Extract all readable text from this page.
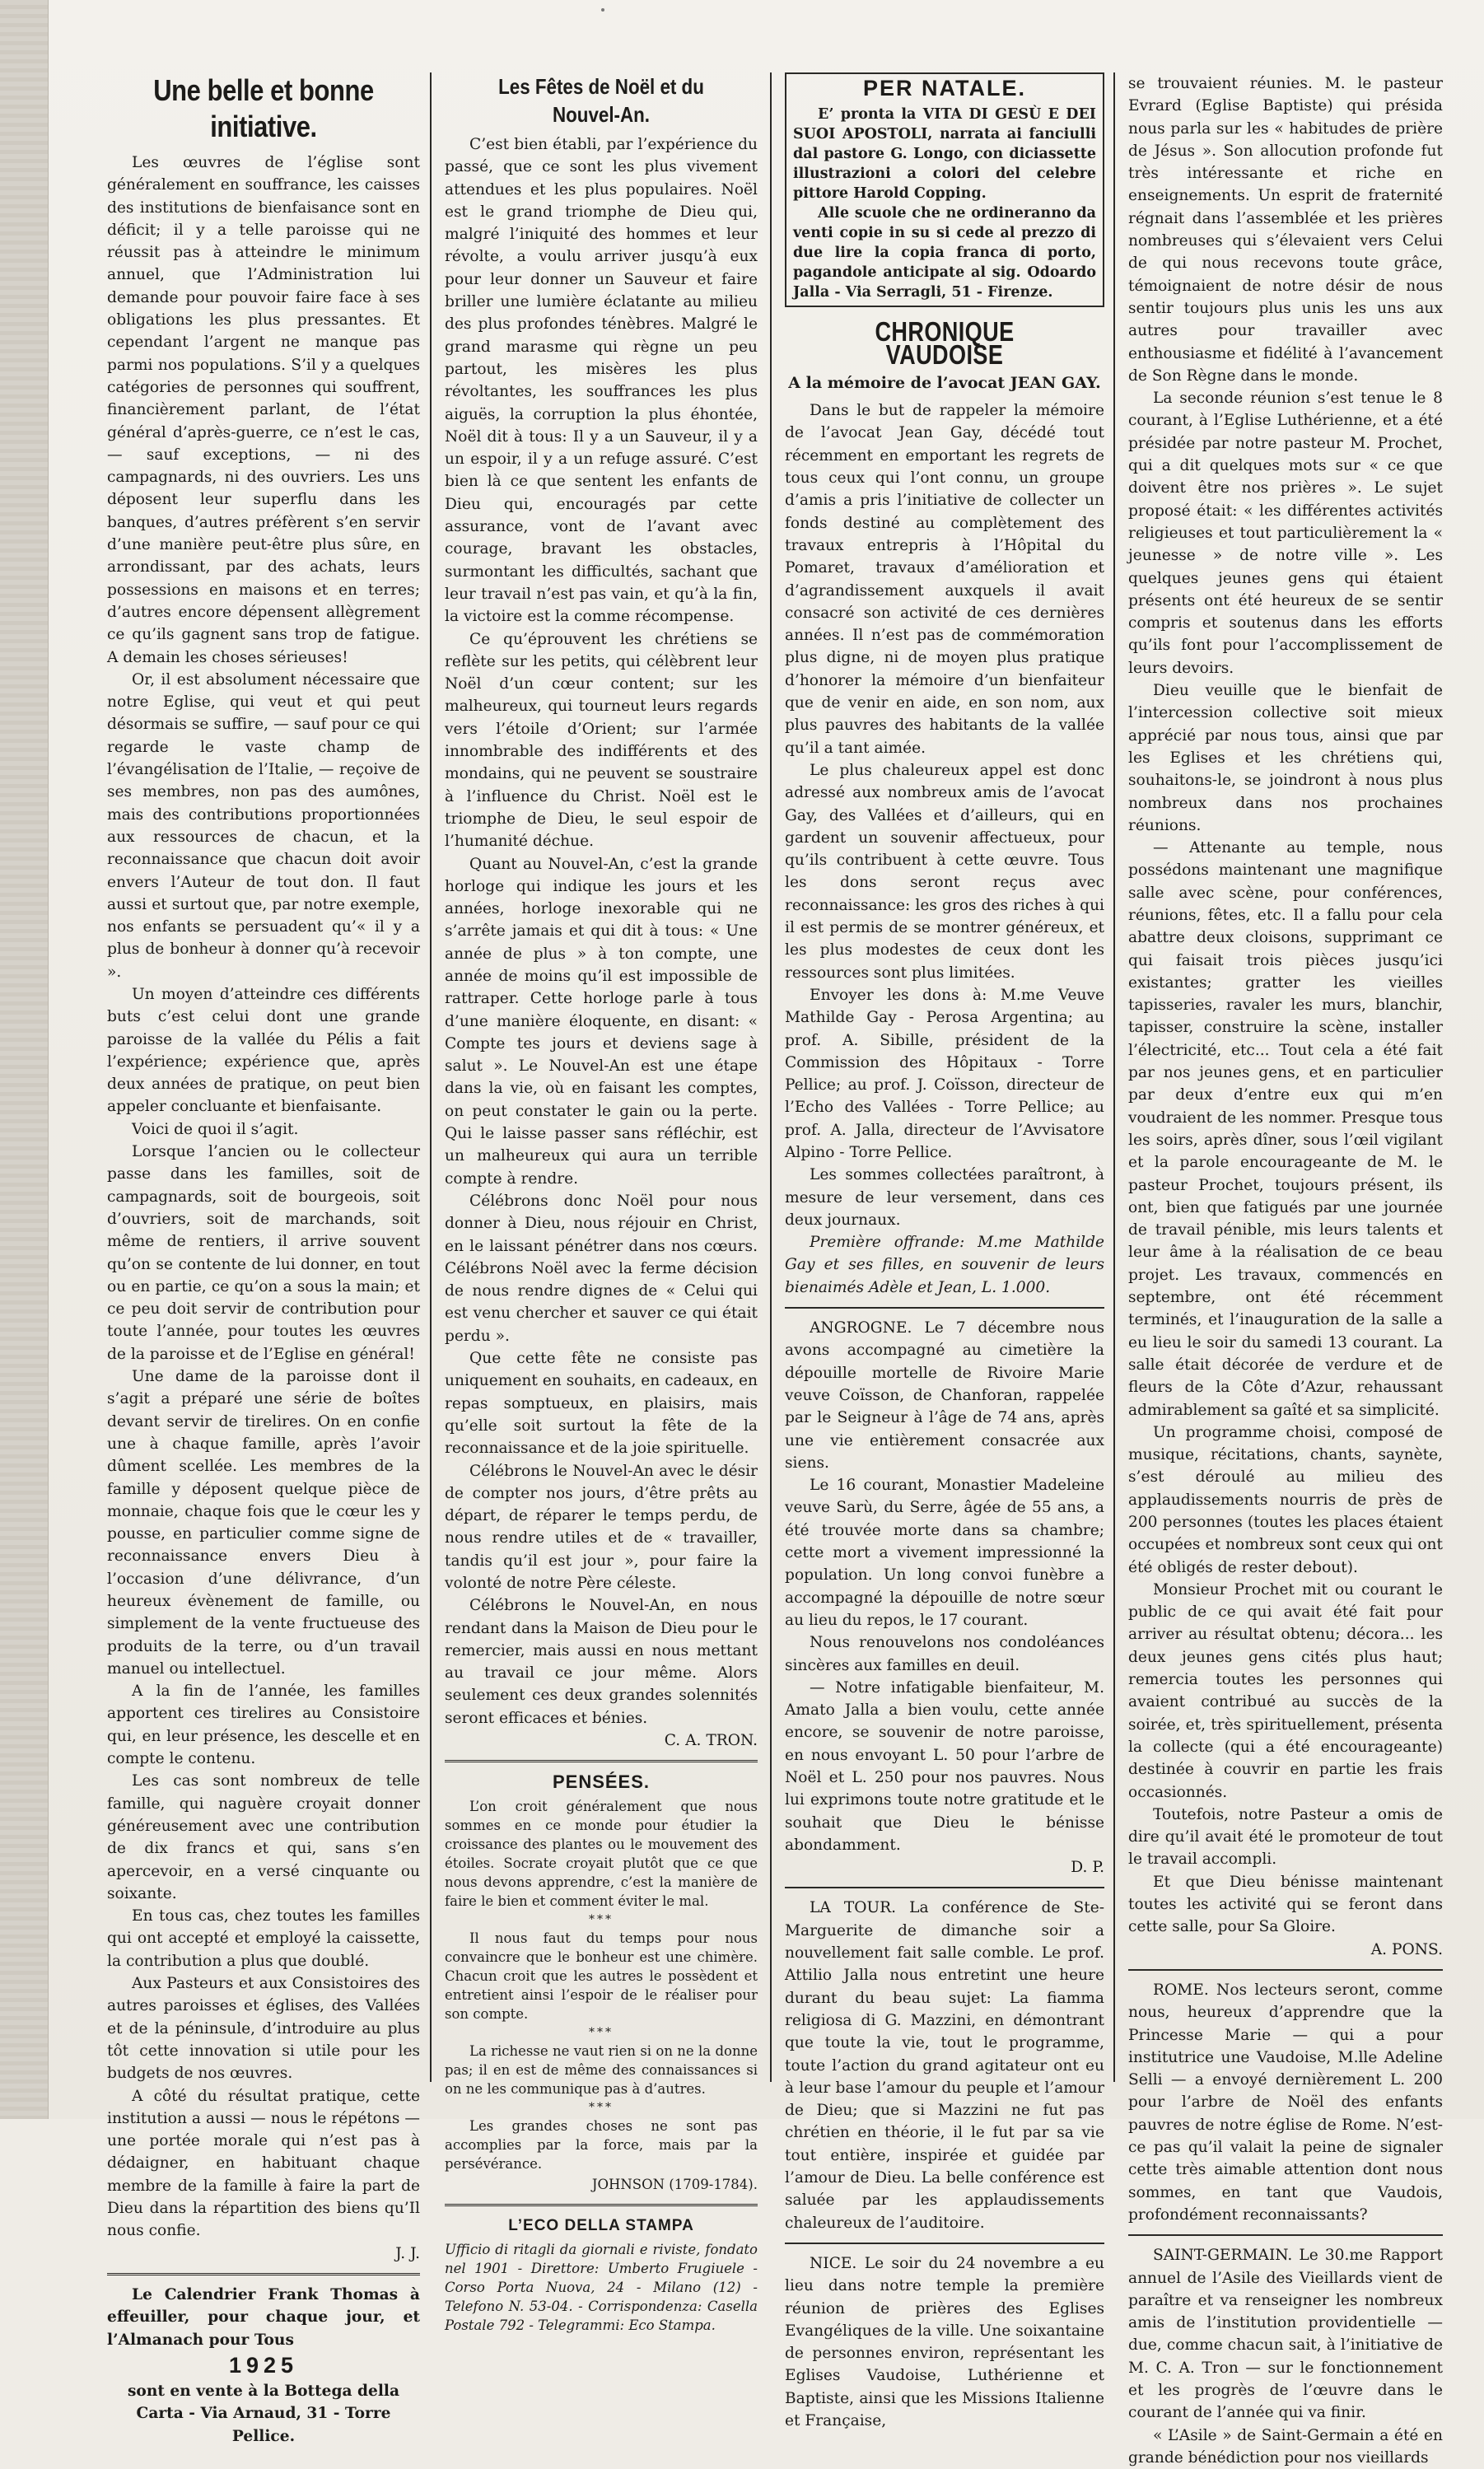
Une belle et bonne initiative.

Les œuvres de l’église sont généralement en souffrance, les caisses des institutions de bienfaisance sont en déficit; il y a telle paroisse qui ne réussit pas à atteindre le minimum annuel, que l’Administration lui demande pour pouvoir faire face à ses obligations les plus pressantes. Et cependant l’argent ne manque pas parmi nos populations. S’il y a quelques catégories de personnes qui souffrent, financièrement parlant, de l’état général d’après-guerre, ce n’est le cas, — sauf exceptions, — ni des campagnards, ni des ouvriers. Les uns déposent leur superflu dans les banques, d’autres préfèrent s’en servir d’une manière peut-être plus sûre, en arrondissant, par des achats, leurs possessions en maisons et en terres; d’autres encore dépensent allègrement ce qu’ils gagnent sans trop de fatigue. A demain les choses sérieuses!

Or, il est absolument nécessaire que notre Eglise, qui veut et qui peut désormais se suffire, — sauf pour ce qui regarde le vaste champ de l’évangélisation de l’Italie, — reçoive de ses membres, non pas des aumônes, mais des contributions proportionnées aux ressources de chacun, et la reconnaissance que chacun doit avoir envers l’Auteur de tout don. Il faut aussi et surtout que, par notre exemple, nos enfants se persuadent qu’« il y a plus de bonheur à donner qu’à recevoir ».

Un moyen d’atteindre ces différents buts c’est celui dont une grande paroisse de la vallée du Pélis a fait l’expérience; expérience que, après deux années de pratique, on peut bien appeler concluante et bienfaisante.

Voici de quoi il s’agit.

Lorsque l’ancien ou le collecteur passe dans les familles, soit de campagnards, soit de bourgeois, soit d’ouvriers, soit de marchands, soit même de rentiers, il arrive souvent qu’on se contente de lui donner, en tout ou en partie, ce qu’on a sous la main; et ce peu doit servir de contribution pour toute l’année, pour toutes les œuvres de la paroisse et de l’Eglise en général!

Une dame de la paroisse dont il s’agit a préparé une série de boîtes devant servir de tirelires. On en confie une à chaque famille, après l’avoir dûment scellée. Les membres de la famille y déposent quelque pièce de monnaie, chaque fois que le cœur les y pousse, en particulier comme signe de reconnaissance envers Dieu à l’occasion d’une délivrance, d’un heureux évènement de famille, ou simplement de la vente fructueuse des produits de la terre, ou d’un travail manuel ou intellectuel.

A la fin de l’année, les familles apportent ces tirelires au Consistoire qui, en leur présence, les descelle et en compte le contenu.

Les cas sont nombreux de telle famille, qui naguère croyait donner généreusement avec une contribution de dix francs et qui, sans s’en apercevoir, en a versé cinquante ou soixante.

En tous cas, chez toutes les familles qui ont accepté et employé la caissette, la contribution a plus que doublé.

Aux Pasteurs et aux Consistoires des autres paroisses et églises, des Vallées et de la péninsule, d’introduire au plus tôt cette innovation si utile pour les budgets de nos œuvres.

A côté du résultat pratique, cette institution a aussi — nous le répétons — une portée morale qui n’est pas à dédaigner, en habituant chaque membre de la famille à faire la part de Dieu dans la répartition des biens qu’Il nous confie.

J. J.

Le Calendrier Frank Thomas à effeuiller, pour chaque jour, et l’Almanach pour Tous

1925
sont en vente à la Bottega della Carta - Via Arnaud, 31 - Torre Pellice.
Les Fêtes de Noël et du Nouvel-An.

C’est bien établi, par l’expérience du passé, que ce sont les plus vivement attendues et les plus populaires. Noël est le grand triomphe de Dieu qui, malgré l’iniquité des hommes et leur révolte, a voulu arriver jusqu’à eux pour leur donner un Sauveur et faire briller une lumière éclatante au milieu des plus profondes ténèbres. Malgré le grand marasme qui règne un peu partout, les misères les plus révoltantes, les souffrances les plus aiguës, la corruption la plus éhontée, Noël dit à tous: Il y a un Sauveur, il y a un espoir, il y a un refuge assuré. C’est bien là ce que sentent les enfants de Dieu qui, encouragés par cette assurance, vont de l’avant avec courage, bravant les obstacles, surmontant les difficultés, sachant que leur travail n’est pas vain, et qu’à la fin, la victoire est la comme récompense.

Ce qu’éprouvent les chrétiens se reflète sur les petits, qui célèbrent leur Noël d’un cœur content; sur les malheureux, qui tourneut leurs regards vers l’étoile d’Orient; sur l’armée innombrable des indifférents et des mondains, qui ne peuvent se soustraire à l’influence du Christ. Noël est le triomphe de Dieu, le seul espoir de l’humanité déchue.

Quant au Nouvel-An, c’est la grande horloge qui indique les jours et les années, horloge inexorable qui ne s’arrête jamais et qui dit à tous: « Une année de plus » à ton compte, une année de moins qu’il est impossible de rattraper. Cette horloge parle à tous d’une manière éloquente, en disant: « Compte tes jours et deviens sage à salut ». Le Nouvel-An est une étape dans la vie, où en faisant les comptes, on peut constater le gain ou la perte. Qui le laisse passer sans réfléchir, est un malheureux qui aura un terrible compte à rendre.

Célébrons donc Noël pour nous donner à Dieu, nous réjouir en Christ, en le laissant pénétrer dans nos cœurs. Célébrons Noël avec la ferme décision de nous rendre dignes de « Celui qui est venu chercher et sauver ce qui était perdu ».

Que cette fête ne consiste pas uniquement en souhaits, en cadeaux, en repas somptueux, en plaisirs, mais qu’elle soit surtout la fête de la reconnaissance et de la joie spirituelle.

Célébrons le Nouvel-An avec le désir de compter nos jours, d’être prêts au départ, de réparer le temps perdu, de nous rendre utiles et de « travailler, tandis qu’il est jour », pour faire la volonté de notre Père céleste.

Célébrons le Nouvel-An, en nous rendant dans la Maison de Dieu pour le remercier, mais aussi en nous mettant au travail ce jour même. Alors seulement ces deux grandes solennités seront efficaces et bénies.

C. A. TRON.
PENSÉES.

L’on croit généralement que nous sommes en ce monde pour étudier la croissance des plantes ou le mouvement des étoiles. Socrate croyait plutôt que ce que nous devons apprendre, c’est la manière de faire le bien et comment éviter le mal.

***

Il nous faut du temps pour nous convaincre que le bonheur est une chimère. Chacun croit que les autres le possèdent et entretient ainsi l’espoir de le réaliser pour son compte.

***

La richesse ne vaut rien si on ne la donne pas; il en est de même des connaissances si on ne les communique pas à d’autres.

***

Les grandes choses ne sont pas accomplies par la force, mais par la persévérance.

JOHNSON (1709-1784).
L’ECO DELLA STAMPA

Ufficio di ritagli da giornali e riviste, fondato nel 1901 - Direttore: Umberto Frugiuele - Corso Porta Nuova, 24 - Milano (12) - Telefono N. 53-04. - Corrispondenza: Casella Postale 792 - Telegrammi: Eco Stampa.

PER NATALE.

E’ pronta la VITA DI GESÙ E DEI SUOI APOSTOLI, narrata ai fanciulli dal pastore G. Longo, con diciassette illustrazioni a colori del celebre pittore Harold Copping.

Alle scuole che ne ordineranno da venti copie in su si cede al prezzo di due lire la copia franca di porto, pagandole anticipate al sig. Odoardo Jalla - Via Serragli, 51 - Firenze.

CHRONIQUE VAUDOISE
A la mémoire de l’avocat JEAN GAY.

Dans le but de rappeler la mémoire de l’avocat Jean Gay, décédé tout récemment en emportant les regrets de tous ceux qui l’ont connu, un groupe d’amis a pris l’initiative de collecter un fonds destiné au complètement des travaux entrepris à l’Hôpital du Pomaret, travaux d’amélioration et d’agrandissement auxquels il avait consacré son activité de ces dernières années. Il n’est pas de commémoration plus digne, ni de moyen plus pratique d’honorer la mémoire d’un bienfaiteur que de venir en aide, en son nom, aux plus pauvres des habitants de la vallée qu’il a tant aimée.

Le plus chaleureux appel est donc adressé aux nombreux amis de l’avocat Gay, des Vallées et d’ailleurs, qui en gardent un souvenir affectueux, pour qu’ils contribuent à cette œuvre. Tous les dons seront reçus avec reconnaissance: les gros des riches à qui il est permis de se montrer généreux, et les plus modestes de ceux dont les ressources sont plus limitées.

Envoyer les dons à: M.me Veuve Mathilde Gay - Perosa Argentina; au prof. A. Sibille, président de la Commission des Hôpitaux - Torre Pellice; au prof. J. Coïsson, directeur de l’Echo des Vallées - Torre Pellice; au prof. A. Jalla, directeur de l’Avvisatore Alpino - Torre Pellice.

Les sommes collectées paraîtront, à mesure de leur versement, dans ces deux journaux.

Première offrande: M.me Mathilde Gay et ses filles, en souvenir de leurs bienaimés Adèle et Jean, L. 1.000.

ANGROGNE. Le 7 décembre nous avons accompagné au cimetière la dépouille mortelle de Rivoire Marie veuve Coïsson, de Chanforan, rappelée par le Seigneur à l’âge de 74 ans, après une vie entièrement consacrée aux siens.

Le 16 courant, Monastier Madeleine veuve Sarù, du Serre, âgée de 55 ans, a été trouvée morte dans sa chambre; cette mort a vivement impressionné la population. Un long convoi funèbre a accompagné la dépouille de notre sœur au lieu du repos, le 17 courant.

Nous renouvelons nos condoléances sincères aux familles en deuil.

— Notre infatigable bienfaiteur, M. Amato Jalla a bien voulu, cette année encore, se souvenir de notre paroisse, en nous envoyant L. 50 pour l’arbre de Noël et L. 250 pour nos pauvres. Nous lui exprimons toute notre gratitude et le souhait que Dieu le bénisse abondamment.

D. P.

LA TOUR. La conférence de Ste-Marguerite de dimanche soir a nouvellement fait salle comble. Le prof. Attilio Jalla nous entretint une heure durant du beau sujet: La fiamma religiosa di G. Mazzini, en démontrant que toute la vie, tout le programme, toute l’action du grand agitateur ont eu à leur base l’amour du peuple et l’amour de Dieu; que si Mazzini ne fut pas chrétien en théorie, il le fut par sa vie tout entière, inspirée et guidée par l’amour de Dieu. La belle conférence est saluée par les applaudissements chaleureux de l’auditoire.

NICE. Le soir du 24 novembre a eu lieu dans notre temple la première réunion de prières des Eglises Evangéliques de la ville. Une soixantaine de personnes environ, représentant les Eglises Vaudoise, Luthérienne et Baptiste, ainsi que les Missions Italienne et Française,

se trouvaient réunies. M. le pasteur Evrard (Eglise Baptiste) qui présida nous parla sur les « habitudes de prière de Jésus ». Son allocution profonde fut très intéressante et riche en enseignements. Un esprit de fraternité régnait dans l’assemblée et les prières nombreuses qui s’élevaient vers Celui de qui nous recevons toute grâce, témoignaient de notre désir de nous sentir toujours plus unis les uns aux autres pour travailler avec enthousiasme et fidélité à l’avancement de Son Règne dans le monde.

La seconde réunion s’est tenue le 8 courant, à l’Eglise Luthérienne, et a été présidée par notre pasteur M. Prochet, qui a dit quelques mots sur « ce que doivent être nos prières ». Le sujet proposé était: « les différentes activités religieuses et tout particulièrement la « jeunesse » de notre ville ». Les quelques jeunes gens qui étaient présents ont été heureux de se sentir compris et soutenus dans les efforts qu’ils font pour l’accomplissement de leurs devoirs.

Dieu veuille que le bienfait de l’intercession collective soit mieux apprécié par nous tous, ainsi que par les Eglises et les chrétiens qui, souhaitons-le, se joindront à nous plus nombreux dans nos prochaines réunions.

— Attenante au temple, nous possédons maintenant une magnifique salle avec scène, pour conférences, réunions, fêtes, etc. Il a fallu pour cela abattre deux cloisons, supprimant ce qui faisait trois pièces jusqu’ici existantes; gratter les vieilles tapisseries, ravaler les murs, blanchir, tapisser, construire la scène, installer l’électricité, etc... Tout cela a été fait par nos jeunes gens, et en particulier par deux d’entre eux qui m’en voudraient de les nommer. Presque tous les soirs, après dîner, sous l’œil vigilant et la parole encourageante de M. le pasteur Prochet, toujours présent, ils ont, bien que fatigués par une journée de travail pénible, mis leurs talents et leur âme à la réalisation de ce beau projet. Les travaux, commencés en septembre, ont été récemment terminés, et l’inauguration de la salle a eu lieu le soir du samedi 13 courant. La salle était décorée de verdure et de fleurs de la Côte d’Azur, rehaussant admirablement sa gaîté et sa simplicité.

Un programme choisi, composé de musique, récitations, chants, saynète, s’est déroulé au milieu des applaudissements nourris de près de 200 personnes (toutes les places étaient occupées et nombreux sont ceux qui ont été obligés de rester debout).

Monsieur Prochet mit ou courant le public de ce qui avait été fait pour arriver au résultat obtenu; décora... les deux jeunes gens cités plus haut; remercia toutes les personnes qui avaient contribué au succès de la soirée, et, très spirituellement, présenta la collecte (qui a été encourageante) destinée à couvrir en partie les frais occasionnés.

Toutefois, notre Pasteur a omis de dire qu’il avait été le promoteur de tout le travail accompli.

Et que Dieu bénisse maintenant toutes les activité qui se feront dans cette salle, pour Sa Gloire.

A. PONS.

ROME. Nos lecteurs seront, comme nous, heureux d’apprendre que la Princesse Marie — qui a pour institutrice une Vaudoise, M.lle Adeline Selli — a envoyé dernièrement L. 200 pour l’arbre de Noël des enfants pauvres de notre église de Rome. N’est-ce pas qu’il valait la peine de signaler cette très aimable attention dont nous sommes, en tant que Vaudois, profondément reconnaissants?

SAINT-GERMAIN. Le 30.me Rapport annuel de l’Asile des Vieillards vient de paraître et va renseigner les nombreux amis de l’institution providentielle — due, comme chacun sait, à l’initiative de M. C. A. Tron — sur le fonctionnement et les progrès de l’œuvre dans le courant de l’année qui va finir.

« L’Asile » de Saint-Germain a été en grande bénédiction pour nos vieillards
